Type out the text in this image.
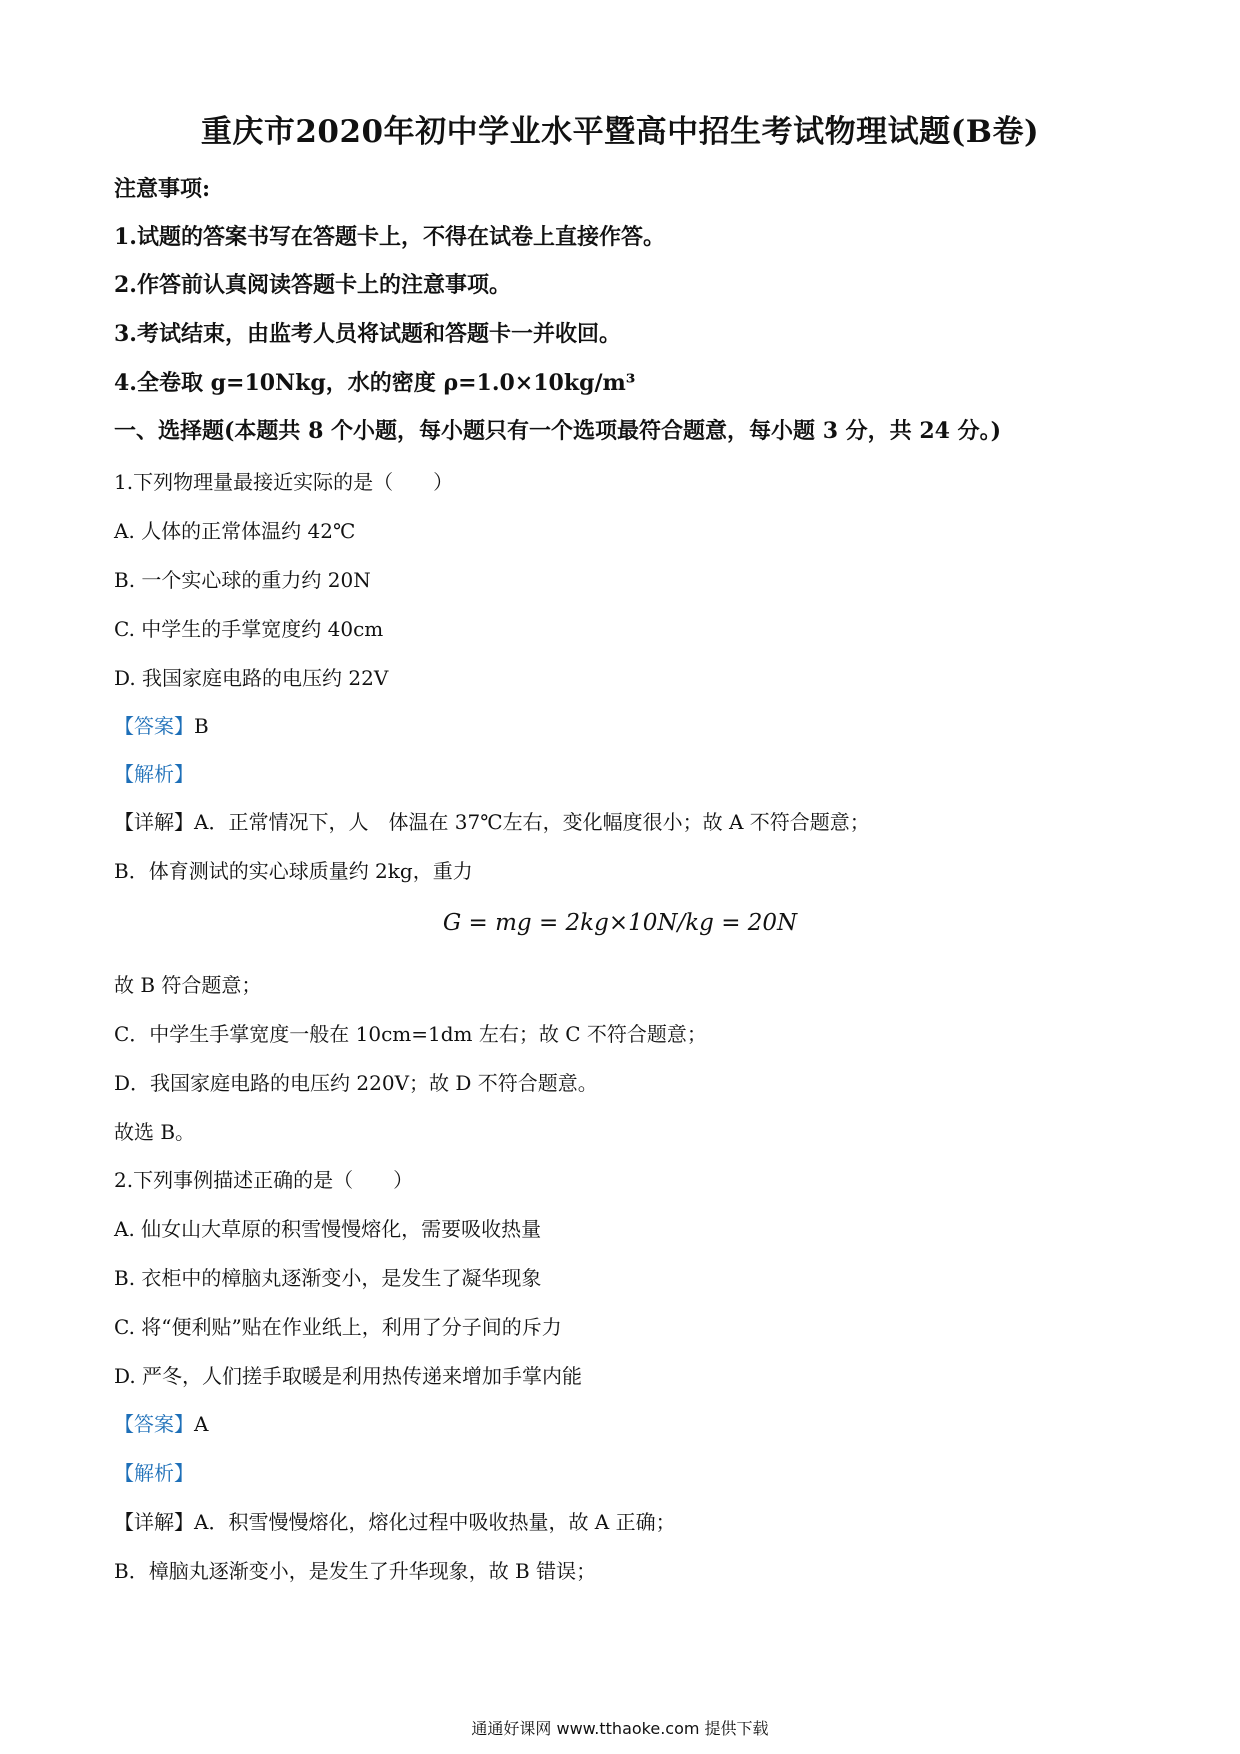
重庆市2020年初中学业水平暨高中招生考试物理试题(B卷)
注意事项:
1.试题的答案书写在答题卡上，不得在试卷上直接作答。
2.作答前认真阅读答题卡上的注意事项。
3.考试结束，由监考人员将试题和答题卡一并收回。
4.全卷取 g=10Nkg，水的密度 ρ=1.0×10kg/m³
一、选择题(本题共 8 个小题，每小题只有一个选项最符合题意，每小题 3 分，共 24 分。)
1.下列物理量最接近实际的是（　　）
A. 人体的正常体温约 42℃
B. 一个实心球的重力约 20N
C. 中学生的手掌宽度约 40cm
D. 我国家庭电路的电压约 22V
【答案】B
【解析】
【详解】A．正常情况下，人　体温在 37℃左右，变化幅度很小；故 A 不符合题意；
B．体育测试的实心球质量约 2kg，重力
G = mg = 2kg×10N/kg = 20N
故 B 符合题意；
C．中学生手掌宽度一般在 10cm=1dm 左右；故 C 不符合题意；
D．我国家庭电路的电压约 220V；故 D 不符合题意。
故选 B。
2.下列事例描述正确的是（　　）
A. 仙女山大草原的积雪慢慢熔化，需要吸收热量
B. 衣柜中的樟脑丸逐渐变小，是发生了凝华现象
C. 将“便利贴”贴在作业纸上，利用了分子间的斥力
D. 严冬，人们搓手取暖是利用热传递来增加手掌内能
【答案】A
【解析】
【详解】A．积雪慢慢熔化，熔化过程中吸收热量，故 A 正确；
B．樟脑丸逐渐变小，是发生了升华现象，故 B 错误；
通通好课网 www.tthaoke.com 提供下载
